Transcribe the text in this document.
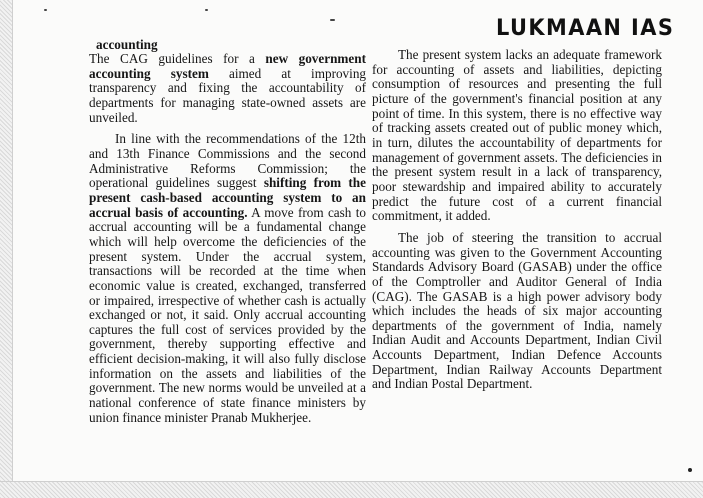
LUKMAAN IAS
accounting

The CAG guidelines for a new government accounting system aimed at improving transparency and fixing the accountability of departments for managing state-owned assets are unveiled.

In line with the recommendations of the 12th and 13th Finance Commissions and the second Administrative Reforms Commission; the operational guidelines suggest shifting from the present cash-based accounting system to an accrual basis of accounting. A move from cash to accrual accounting will be a fundamental change which will help overcome the deficiencies of the present system. Under the accrual system, transactions will be recorded at the time when economic value is created, exchanged, transferred or impaired, irrespective of whether cash is actually exchanged or not, it said. Only accrual accounting captures the full cost of services provided by the government, thereby supporting effective and efficient decision-making, it will also fully disclose information on the assets and liabilities of the government. The new norms would be unveiled at a national conference of state finance ministers by union finance minister Pranab Mukherjee.

The present system lacks an adequate framework for accounting of assets and liabilities, depicting consumption of resources and presenting the full picture of the government's financial position at any point of time. In this system, there is no effective way of tracking assets created out of public money which, in turn, dilutes the accountability of departments for management of government assets. The deficiencies in the present system result in a lack of transparency, poor stewardship and impaired ability to accurately predict the future cost of a current financial commitment, it added.

The job of steering the transition to accrual accounting was given to the Government Accounting Standards Advisory Board (GASAB) under the office of the Comptroller and Auditor General of India (CAG). The GASAB is a high power advisory body which includes the heads of six major accounting departments of the government of India, namely Indian Audit and Accounts Department, Indian Civil Accounts Department, Indian Defence Accounts Department, Indian Railway Accounts Department and Indian Postal Department.
